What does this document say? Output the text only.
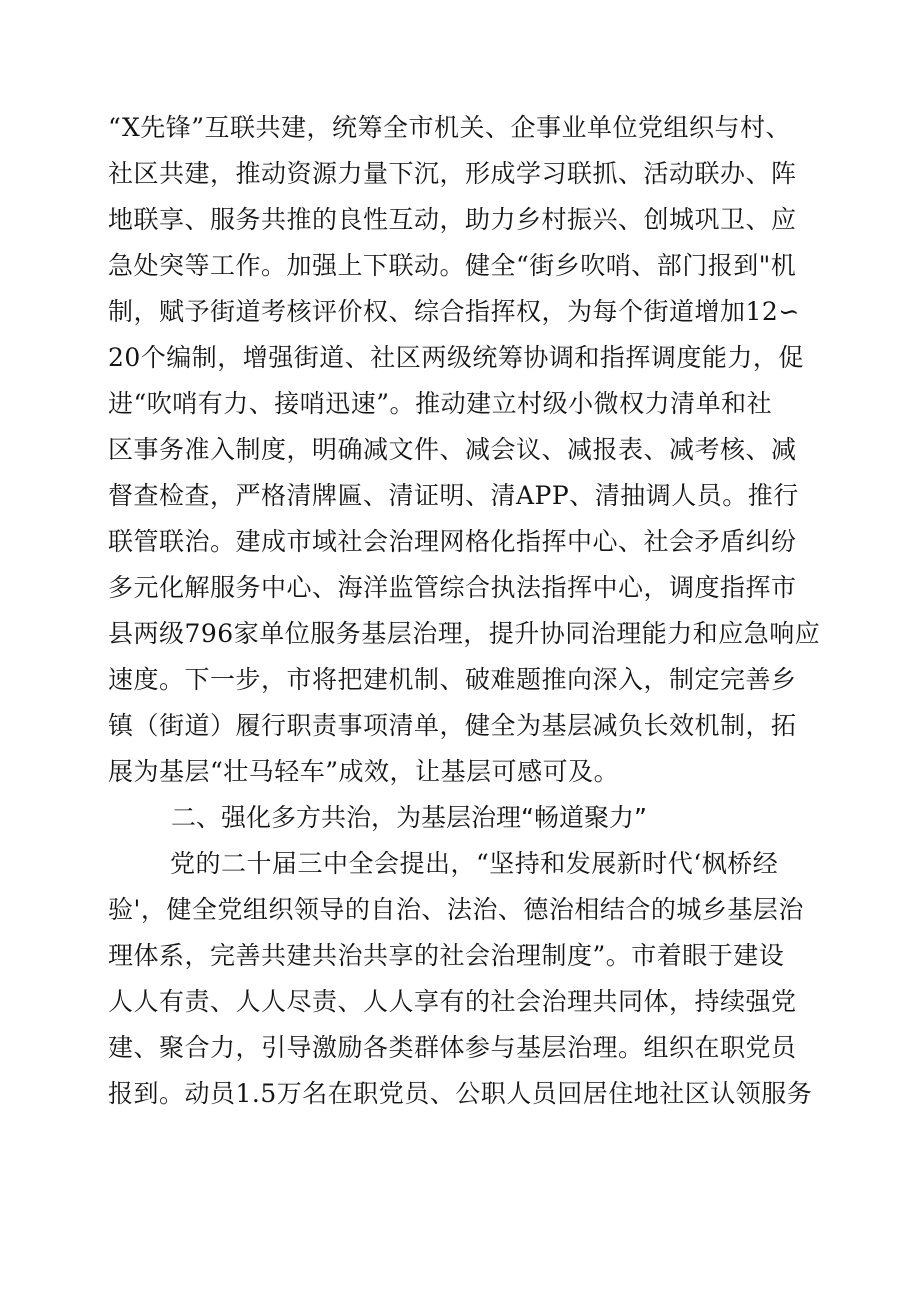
“X先锋”互联共建，统筹全市机关、企事业单位党组织与村、
社区共建，推动资源力量下沉，形成学习联抓、活动联办、阵
地联享、服务共推的良性互动，助力乡村振兴、创城巩卫、应
急处突等工作。加强上下联动。健全“街乡吹哨、部门报到"机
制，赋予街道考核评价权、综合指挥权，为每个街道增加12∽
20个编制，增强街道、社区两级统筹协调和指挥调度能力，促
进“吹哨有力、接哨迅速”。推动建立村级小微权力清单和社
区事务准入制度，明确减文件、减会议、减报表、减考核、减
督查检查，严格清牌匾、清证明、清APP、清抽调人员。推行
联管联治。建成市域社会治理网格化指挥中心、社会矛盾纠纷
多元化解服务中心、海洋监管综合执法指挥中心，调度指挥市
县两级796家单位服务基层治理，提升协同治理能力和应急响应
速度。下一步，市将把建机制、破难题推向深入，制定完善乡
镇（街道）履行职责事项清单，健全为基层减负长效机制，拓
展为基层“壮马轻车”成效，让基层可感可及。
二、强化多方共治，为基层治理“畅道聚力”
党的二十届三中全会提出，“坚持和发展新时代‘枫桥经
验'，健全党组织领导的自治、法治、德治相结合的城乡基层治
理体系，完善共建共治共享的社会治理制度”。市着眼于建设
人人有责、人人尽责、人人享有的社会治理共同体，持续强党
建、聚合力，引导激励各类群体参与基层治理。组织在职党员
报到。动员1.5万名在职党员、公职人员回居住地社区认领服务
